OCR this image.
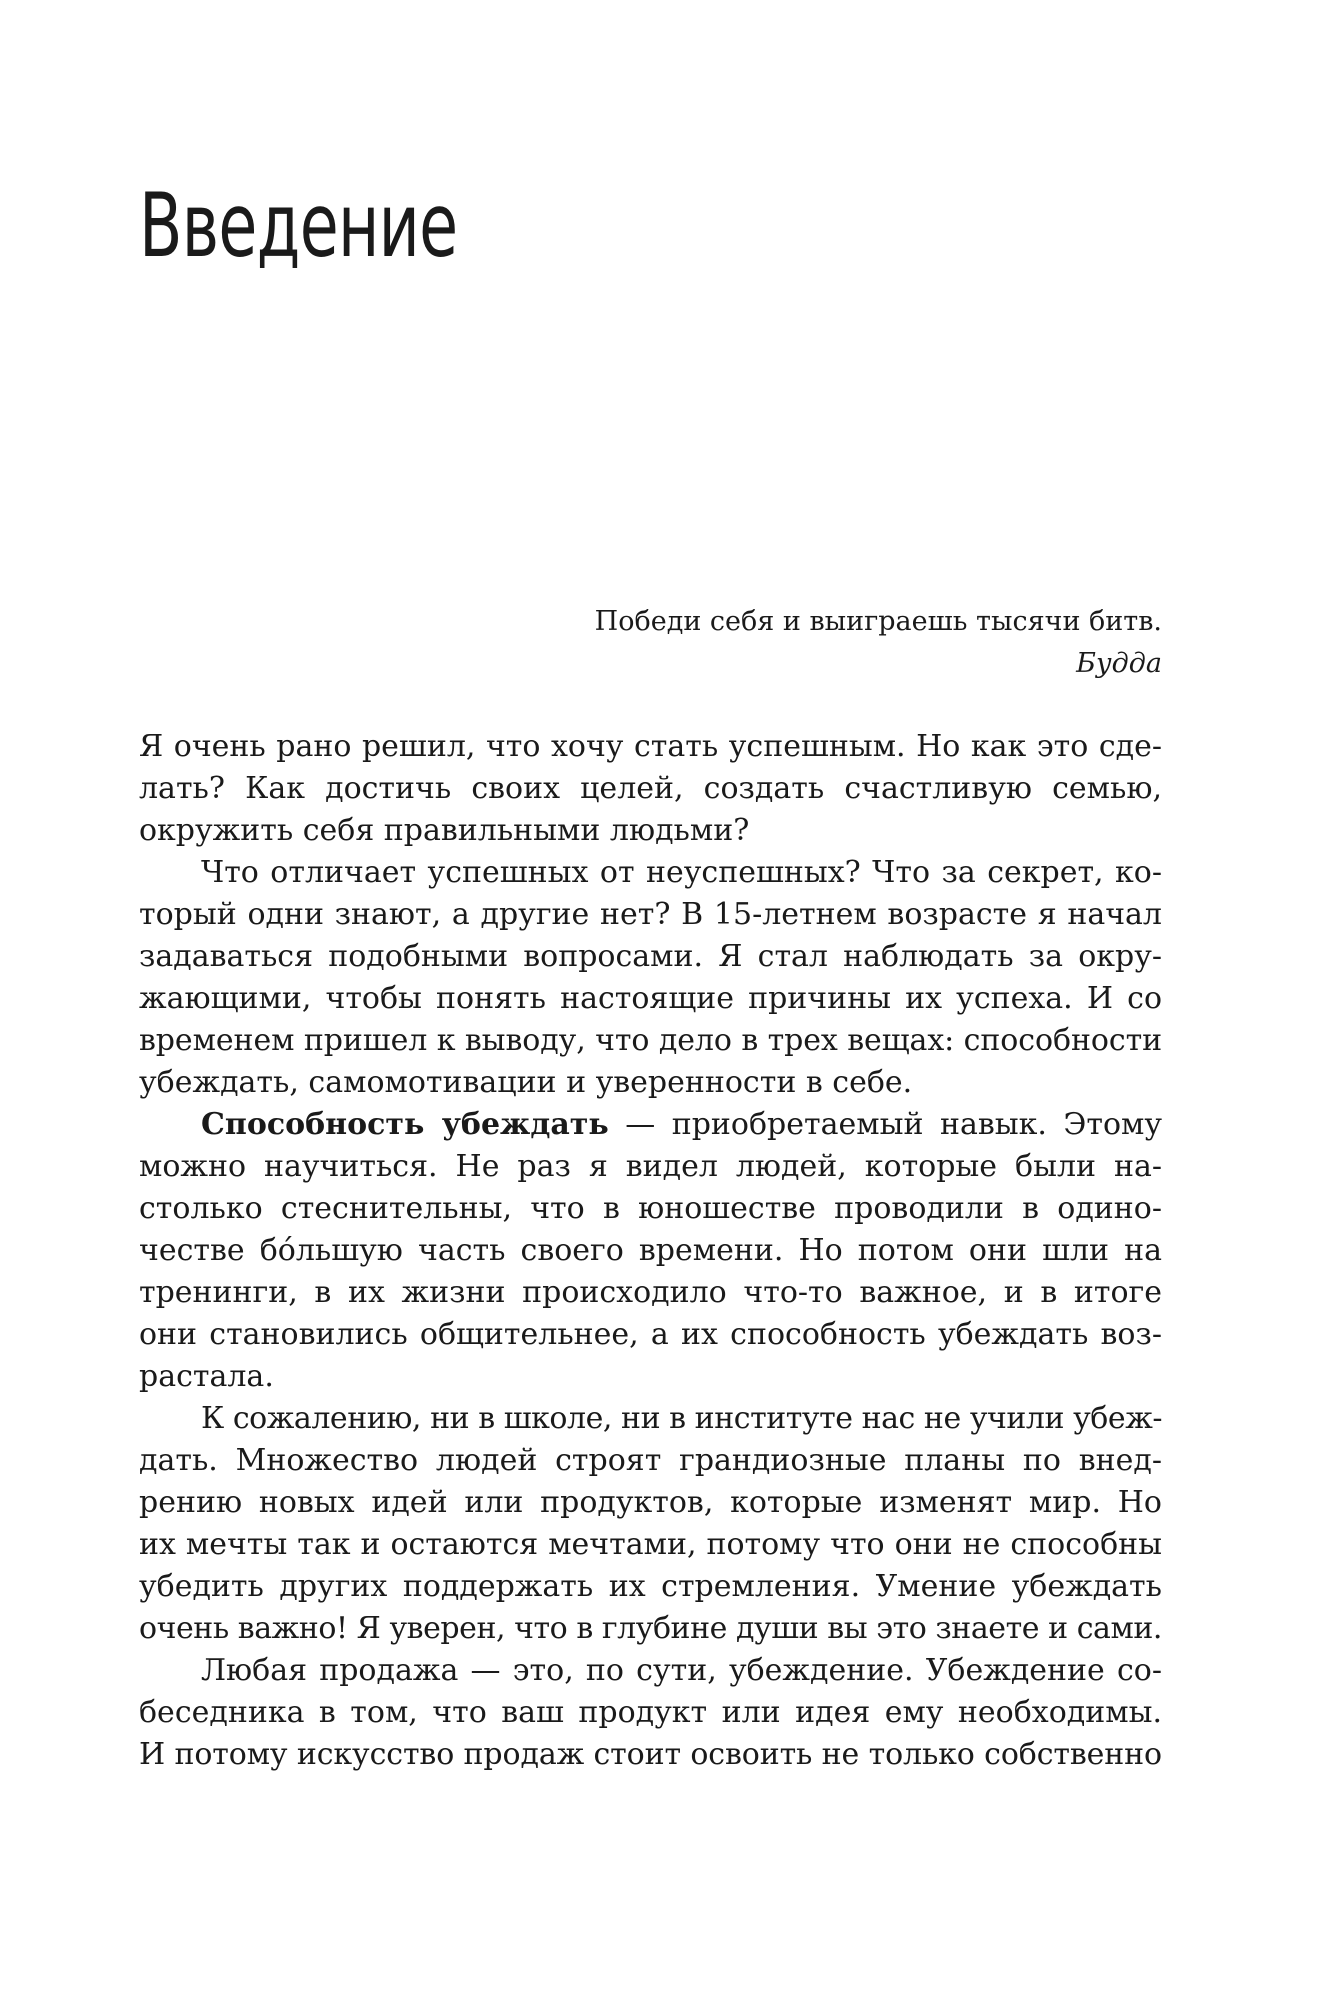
Введение
Победи себя и выиграешь тысячи битв.
Будда
Я очень рано решил, что хочу стать успешным. Но как это сде-
лать? Как достичь своих целей, создать счастливую семью,
окружить себя правильными людьми?
Что отличает успешных от неуспешных? Что за секрет, ко-
торый одни знают, а другие нет? В 15-летнем возрасте я начал
задаваться подобными вопросами. Я стал наблюдать за окру-
жающими, чтобы понять настоящие причины их успеха. И со
временем пришел к выводу, что дело в трех вещах: способности
убеждать, самомотивации и уверенности в себе.
Способность убеждать — приобретаемый навык. Этому
можно научиться. Не раз я видел людей, которые были на-
столько стеснительны, что в юношестве проводили в одино-
честве бóльшую часть своего времени. Но потом они шли на
тренинги, в их жизни происходило что-то важное, и в итоге
они становились общительнее, а их способность убеждать воз-
растала.
К сожалению, ни в школе, ни в институте нас не учили убеж-
дать. Множество людей строят грандиозные планы по внед-
рению новых идей или продуктов, которые изменят мир. Но
их мечты так и остаются мечтами, потому что они не способны
убедить других поддержать их стремления. Умение убеждать
очень важно! Я уверен, что в глубине души вы это знаете и сами.
Любая продажа — это, по сути, убеждение. Убеждение со-
беседника в том, что ваш продукт или идея ему необходимы.
И потому искусство продаж стоит освоить не только собственно
